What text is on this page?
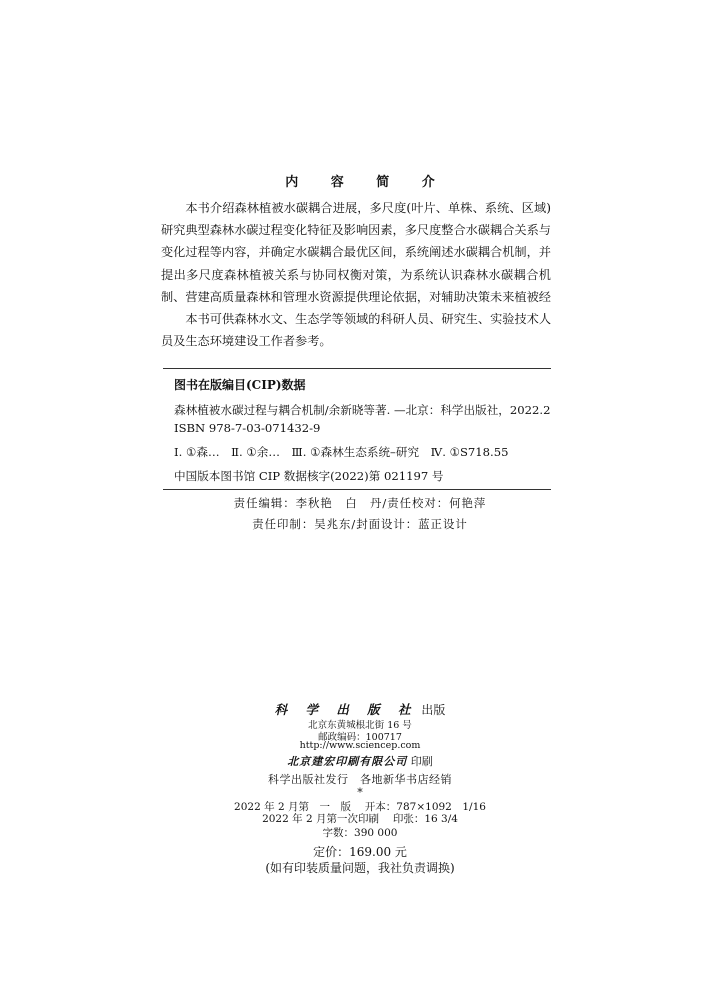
内 容 简 介

本书介绍森林植被水碳耦合进展，多尺度(叶片、单株、系统、区域)研究典型森林水碳过程变化特征及影响因素，多尺度整合水碳耦合关系与变化过程等内容，并确定水碳耦合最优区间，系统阐述水碳耦合机制，并提出多尺度森林植被关系与协同权衡对策，为系统认识森林水碳耦合机制、营建高质量森林和管理水资源提供理论依据，对辅助决策未来植被经

本书可供森林水文、生态学等领域的科研人员、研究生、实验技术人员及生态环境建设工作者参考。

图书在版编目(CIP)数据
森林植被水碳过程与耦合机制/余新晓等著. —北京：科学出版社，2022.2
ISBN 978-7-03-071432-9
Ⅰ. ①森…　Ⅱ. ①余…　Ⅲ. ①森林生态系统–研究　Ⅳ. ①S718.55
中国版本图书馆 CIP 数据核字(2022)第 021197 号
责任编辑：李秋艳　白　丹/责任校对：何艳萍
责任印制：吴兆东/封面设计：蓝正设计
科 学 出 版 社 出版
北京东黄城根北街 16 号
邮政编码：100717
http://www.sciencep.com
北京建宏印刷有限公司 印刷
科学出版社发行　各地新华书店经销
*
2022 年 2 月第　一　版　 开本：787×1092　1/16
2022 年 2 月第一次印刷　 印张：16 3/4
字数：390 000
定价：169.00 元
(如有印装质量问题，我社负责调换)
